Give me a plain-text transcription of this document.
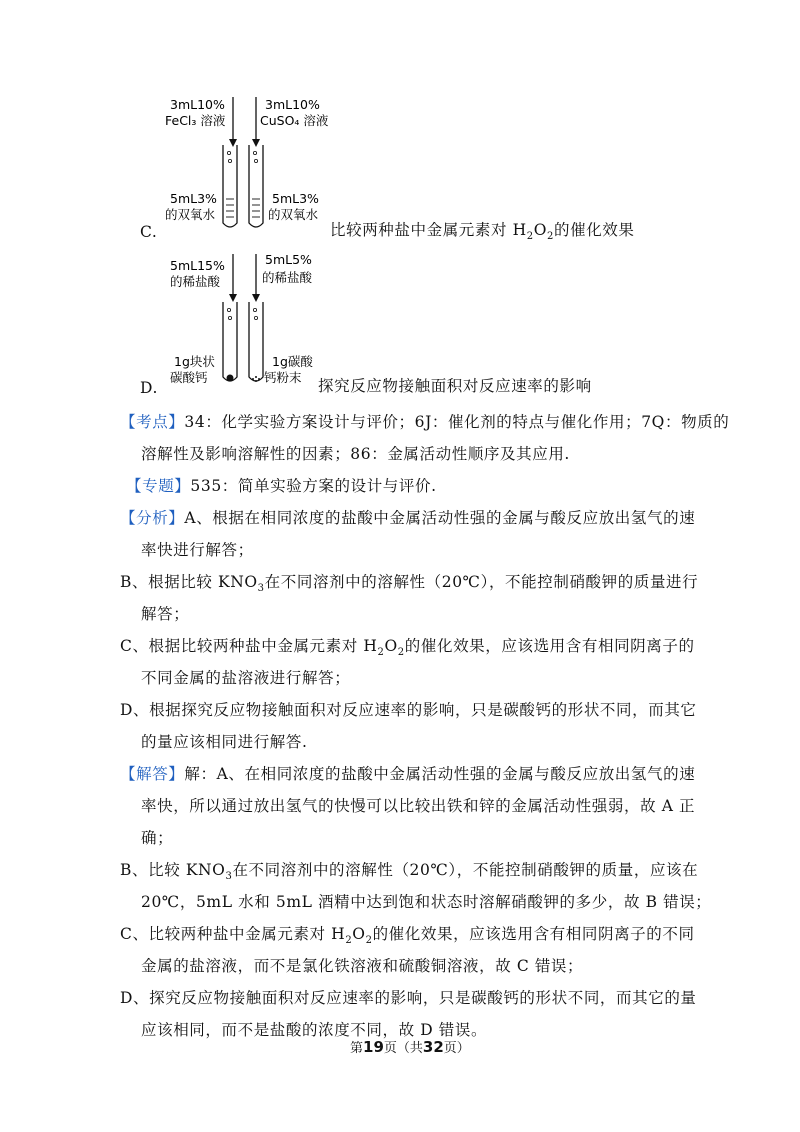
C.
3mL10%
FeCl₃ 溶液
3mL10%
CuSO₄ 溶液
5mL3%
的双氧水
5mL3%
的双氧水
比较两种盐中金属元素对 $H_2O_2$的催化效果
D.
5mL15%
的稀盐酸
5mL5%
的稀盐酸
1g块状
碳酸钙
1g碳酸
钙粉末 探究反应物接触面积对反应速率的影响
【考点】34：化学实验方案设计与评价；6J：催化剂的特点与催化作用；7Q：物质的
溶解性及影响溶解性的因素；86：金属活动性顺序及其应用.
【专题】535：简单实验方案的设计与评价.
【分析】A、根据在相同浓度的盐酸中金属活动性强的金属与酸反应放出氢气的速
率快进行解答；
B、根据比较 $KNO_3$在不同溶剂中的溶解性（20℃），不能控制硝酸钾的质量进行
解答；
C、根据比较两种盐中金属元素对 $H_2O_2$的催化效果，应该选用含有相同阴离子的
不同金属的盐溶液进行解答；
D、根据探究反应物接触面积对反应速率的影响，只是碳酸钙的形状不同，而其它
的量应该相同进行解答.
【解答】解：A、在相同浓度的盐酸中金属活动性强的金属与酸反应放出氢气的速
率快，所以通过放出氢气的快慢可以比较出铁和锌的金属活动性强弱，故 A 正
确；
B、比较 $KNO_3$在不同溶剂中的溶解性（20℃），不能控制硝酸钾的质量，应该在
20℃，5mL 水和 5mL 酒精中达到饱和状态时溶解硝酸钾的多少，故 B 错误；
C、比较两种盐中金属元素对 $H_2O_2$的催化效果，应该选用含有相同阴离子的不同
金属的盐溶液，而不是氯化铁溶液和硫酸铜溶液，故 C 错误；
D、探究反应物接触面积对反应速率的影响，只是碳酸钙的形状不同，而其它的量
应该相同，而不是盐酸的浓度不同，故 D 错误。
第19页（共32页）
